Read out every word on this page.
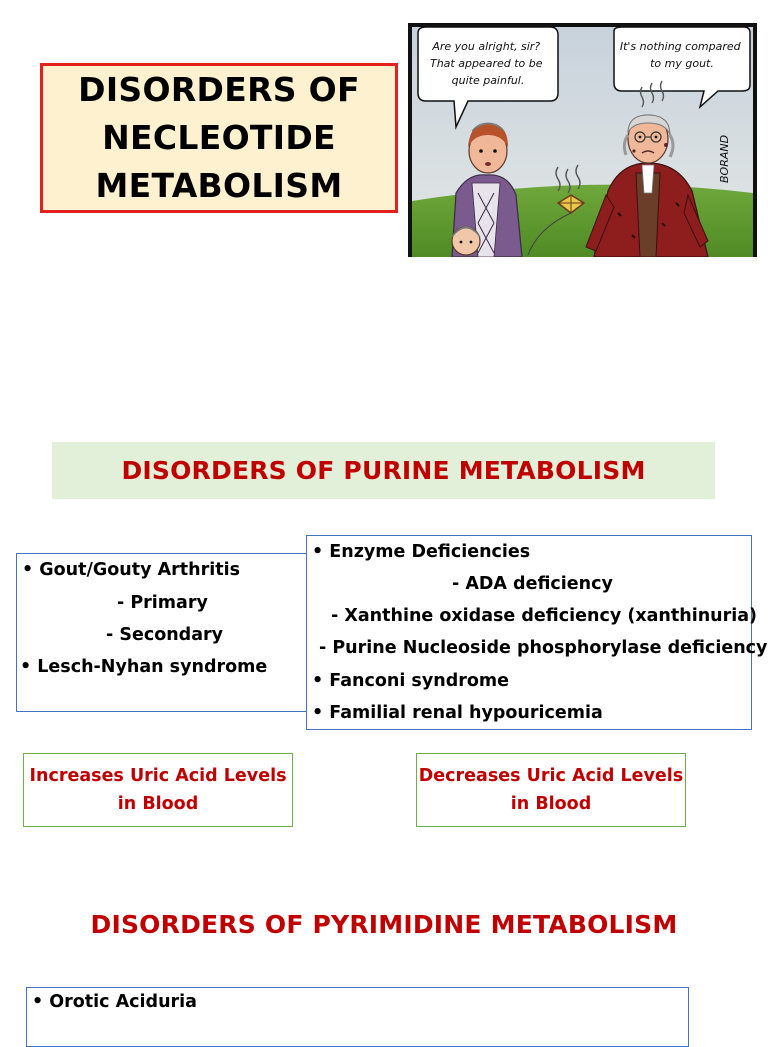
DISORDERS OF
NECLEOTIDE
METABOLISM
Are you alright, sir? That appeared to be quite painful.
It's nothing compared to my gout.
BORAND
DISORDERS OF PURINE METABOLISM
• Gout/Gouty Arthritis
- Primary
- Secondary
• Lesch-Nyhan syndrome
• Enzyme Deficiencies
- ADA deficiency
- Xanthine oxidase deficiency (xanthinuria)
- Purine Nucleoside phosphorylase deficiency
• Fanconi syndrome
• Familial renal hypouricemia
Increases Uric Acid Levels
in Blood
Decreases Uric Acid Levels
in Blood
DISORDERS OF PYRIMIDINE METABOLISM
• Orotic Aciduria
